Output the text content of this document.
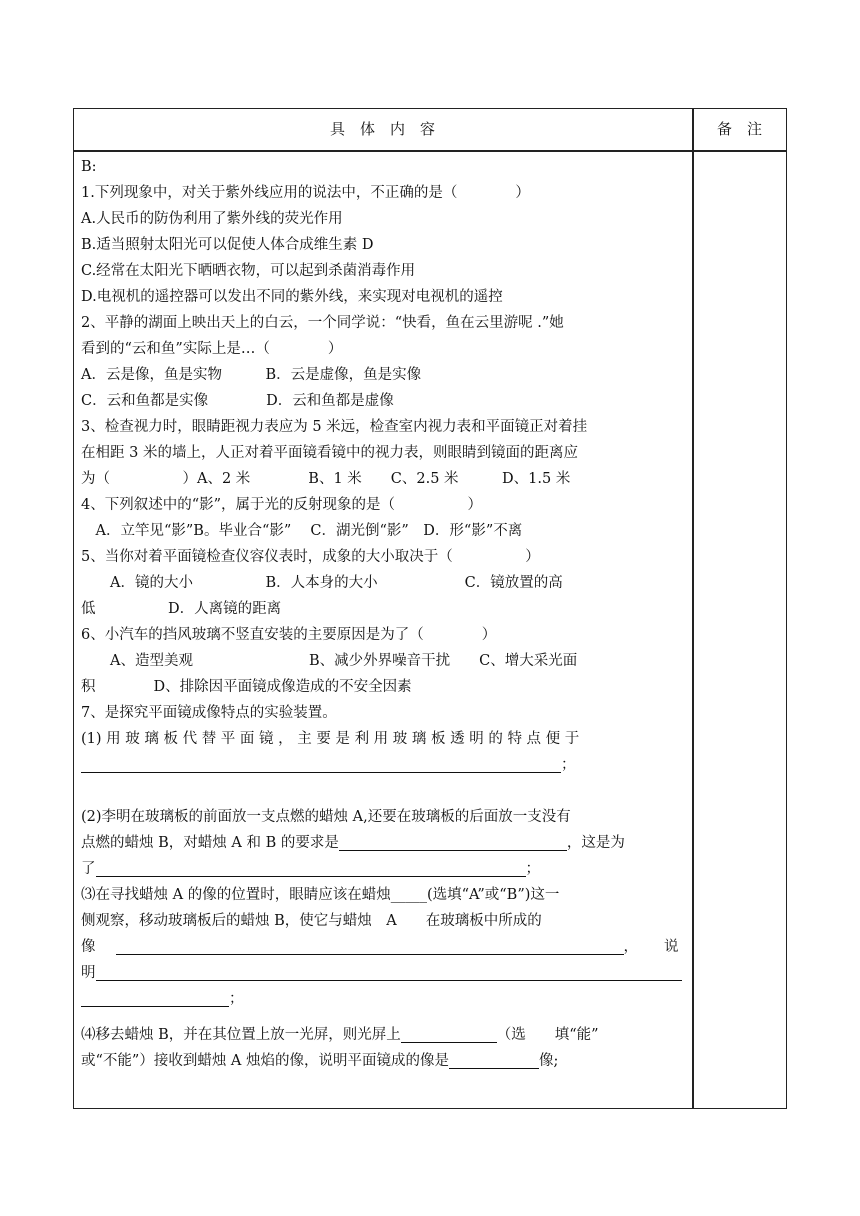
具　体　内　容	备　注
B:
1.下列现象中，对关于紫外线应用的说法中，不正确的是（　　　　）
A.人民币的防伪利用了紫外线的荧光作用
B.适当照射太阳光可以促使人体合成维生素 D
C.经常在太阳光下晒晒衣物，可以起到杀菌消毒作用
D.电视机的遥控器可以发出不同的紫外线，来实现对电视机的遥控
2、平静的湖面上映出天上的白云，一个同学说：“快看，鱼在云里游呢 .”她
看到的“云和鱼”实际上是…（　　　　）
A．云是像，鱼是实物　　　B．云是虚像，鱼是实像
C．云和鱼都是实像　　　　D．云和鱼都是虚像
3、检查视力时，眼睛距视力表应为 5 米远，检查室内视力表和平面镜正对着挂
在相距 3 米的墙上，人正对着平面镜看镜中的视力表，则眼睛到镜面的距离应
为（　　　　　）A、2 米　　　　B、1 米　　C、2.5 米　　　D、1.5 米
4、下列叙述中的“影”，属于光的反射现象的是（　　　　　）
　A．立竿见“影”B。毕业合“影”　 C．湖光倒“影”　D．形“影”不离
5、当你对着平面镜检查仪容仪表时，成象的大小取决于（　　　　　）
　　A．镜的大小　　　　　B．人本身的大小　　　　　　C．镜放置的高
低　　　　　D．人离镜的距离
6、小汽车的挡风玻璃不竖直安装的主要原因是为了（　　　　）
　　A、造型美观　　　　　　　　B、减少外界噪音干扰　　C、增大采光面
积　　　　D、排除因平面镜成像造成的不安全因素
7、是探究平面镜成像特点的实验装置。
(1) 用 玻 璃 板 代 替 平 面 镜 ， 主 要 是 利 用 玻 璃 板 透 明 的 特 点 便 于
；
(2)李明在玻璃板的前面放一支点燃的蜡烛 A,还要在玻璃板的后面放一支没有
点燃的蜡烛 B，对蜡烛 A 和 B 的要求是	，这是为
了	；
⑶在寻找蜡烛 A 的像的位置时，眼睛应该在蜡烛_____(选填“A”或“B”)这一
侧观察，移动玻璃板后的蜡烛 B，使它与蜡烛　A　　在玻璃板中所成的
像	， 说
明
；
⑷移去蜡烛 B，并在其位置上放一光屏，则光屏上	（选　　填“能”
或“不能”）接收到蜡烛 A 烛焰的像，说明平面镜成的像是	像;
